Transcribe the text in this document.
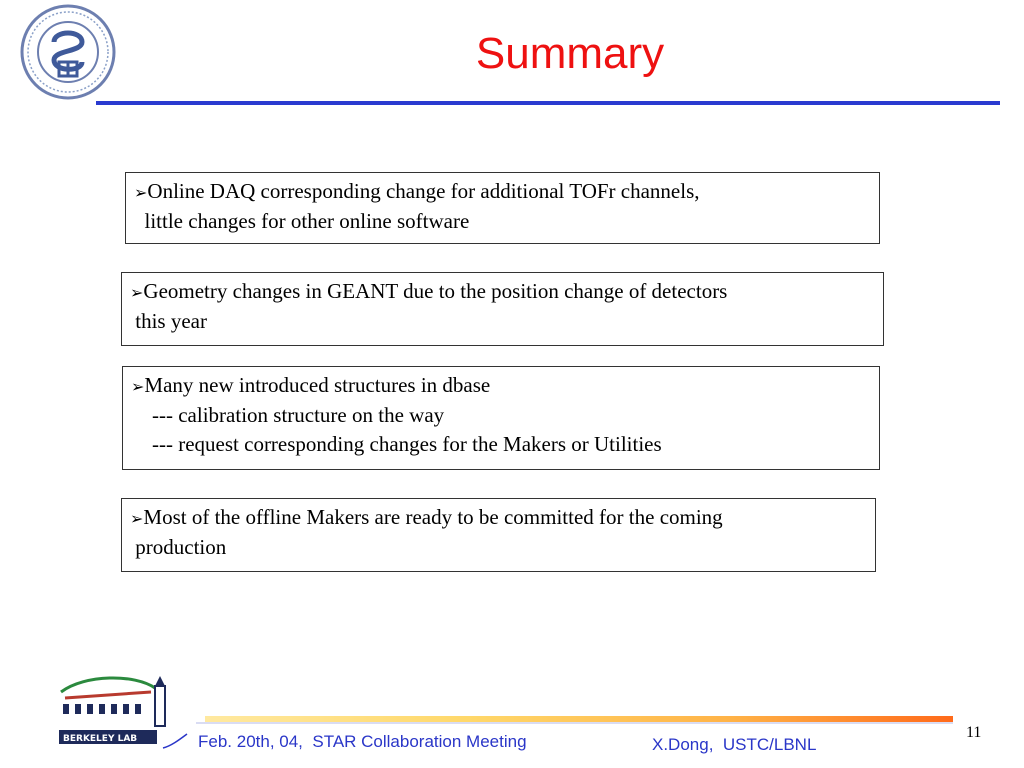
Summary
➢Online DAQ corresponding change for additional TOFr channels,
little changes for other online software
➢Geometry changes in GEANT due to the position change of detectors
this year
➢Many new introduced structures in dbase
--- calibration structure on the way
--- request corresponding changes for the Makers or Utilities
➢Most of the offline Makers are ready to be committed for the coming
production
BERKELEY LAB	Feb. 20th, 04,  STAR Collaboration Meeting	X.Dong,  USTC/LBNL
11
